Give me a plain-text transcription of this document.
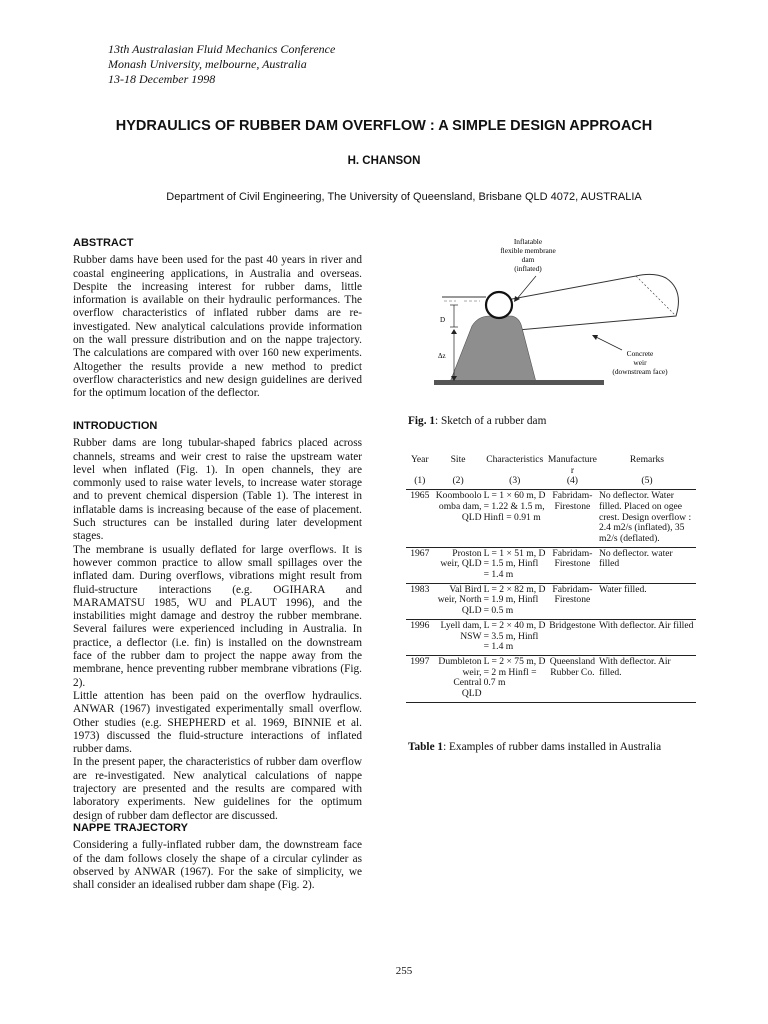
13th Australasian Fluid Mechanics Conference
Monash University, melbourne, Australia
13-18 December 1998
HYDRAULICS OF RUBBER DAM OVERFLOW : A SIMPLE DESIGN APPROACH
H. CHANSON
Department of Civil Engineering, The University of Queensland, Brisbane QLD 4072, AUSTRALIA
ABSTRACT

Rubber dams have been used for the past 40 years in river and coastal engineering applications, in Australia and overseas. Despite the increasing interest for rubber dams, little information is available on their hydraulic performances. The overflow characteristics of inflated rubber dams are re-investigated. New analytical calculations provide information on the wall pressure distribution and on the nappe trajectory. The calculations are compared with over 160 new experiments. Altogether the results provide a new method to predict overflow characteristics and new design guidelines are derived for the optimum location of the deflector.

INTRODUCTION

Rubber dams are long tubular-shaped fabrics placed across channels, streams and weir crest to raise the upstream water level when inflated (Fig. 1). In open channels, they are commonly used to raise water levels, to increase water storage and to prevent chemical dispersion (Table 1). The interest in inflatable dams is increasing because of the ease of placement. Such structures can be installed during later development stages.

The membrane is usually deflated for large overflows. It is however common practice to allow small spillages over the inflated dam. During overflows, vibrations might result from fluid-structure interactions (e.g. OGIHARA and MARAMATSU 1985, WU and PLAUT 1996), and the instabilities might damage and destroy the rubber membrane. Several failures were experienced including in Australia. In practice, a deflector (i.e. fin) is installed on the downstream face of the rubber dam to project the nappe away from the membrane, hence preventing rubber membrane vibrations (Fig. 2).

Little attention has been paid on the overflow hydraulics. ANWAR (1967) investigated experimentally small overflow. Other studies (e.g. SHEPHERD et al. 1969, BINNIE et al. 1973) discussed the fluid-structure interactions of inflated rubber dams.

In the present paper, the characteristics of rubber dam overflow are re-investigated. New analytical calculations of nappe trajectory are presented and the results are compared with laboratory experiments. New guidelines for the optimum design of rubber dam deflector are discussed.

NAPPE TRAJECTORY

Considering a fully-inflated rubber dam, the downstream face of the dam follows closely the shape of a circular cylinder as observed by ANWAR (1967). For the sake of simplicity, we shall consider an idealised rubber dam shape (Fig. 2).

D
Δz
Inflatable
flexible membrane
dam
(inflated)
Concrete
weir
(downstream face)
Fig. 1: Sketch of a rubber dam
Year	Site	Characteristics	Manufacturer	Remarks
(1)	(2)	(3)	(4)	(5)
1965	Koomboolo omba dam, QLD	L = 1 × 60 m, D = 1.22 & 1.5 m, Hinfl = 0.91 m	Fabridam-Firestone	No deflector. Water filled. Placed on ogee crest. Design overflow : 2.4 m2/s (inflated), 35 m2/s (deflated).
1967	Proston weir, QLD	L = 1 × 51 m, D = 1.5 m, Hinfl = 1.4 m	Fabridam-Firestone	No deflector. water filled
1983	Val Bird weir, North QLD	L = 2 × 82 m, D = 1.9 m, Hinfl = 0.5 m	Fabridam-Firestone	Water filled.
1996	Lyell dam, NSW	L = 2 × 40 m, D = 3.5 m, Hinfl = 1.4 m	Bridgestone	With deflector. Air filled
1997	Dumbleton weir, Central QLD	L = 2 × 75 m, D = 2 m Hinfl = 0.7 m	Queensland Rubber Co.	With deflector. Air filled.
Table 1: Examples of rubber dams installed in Australia
255
